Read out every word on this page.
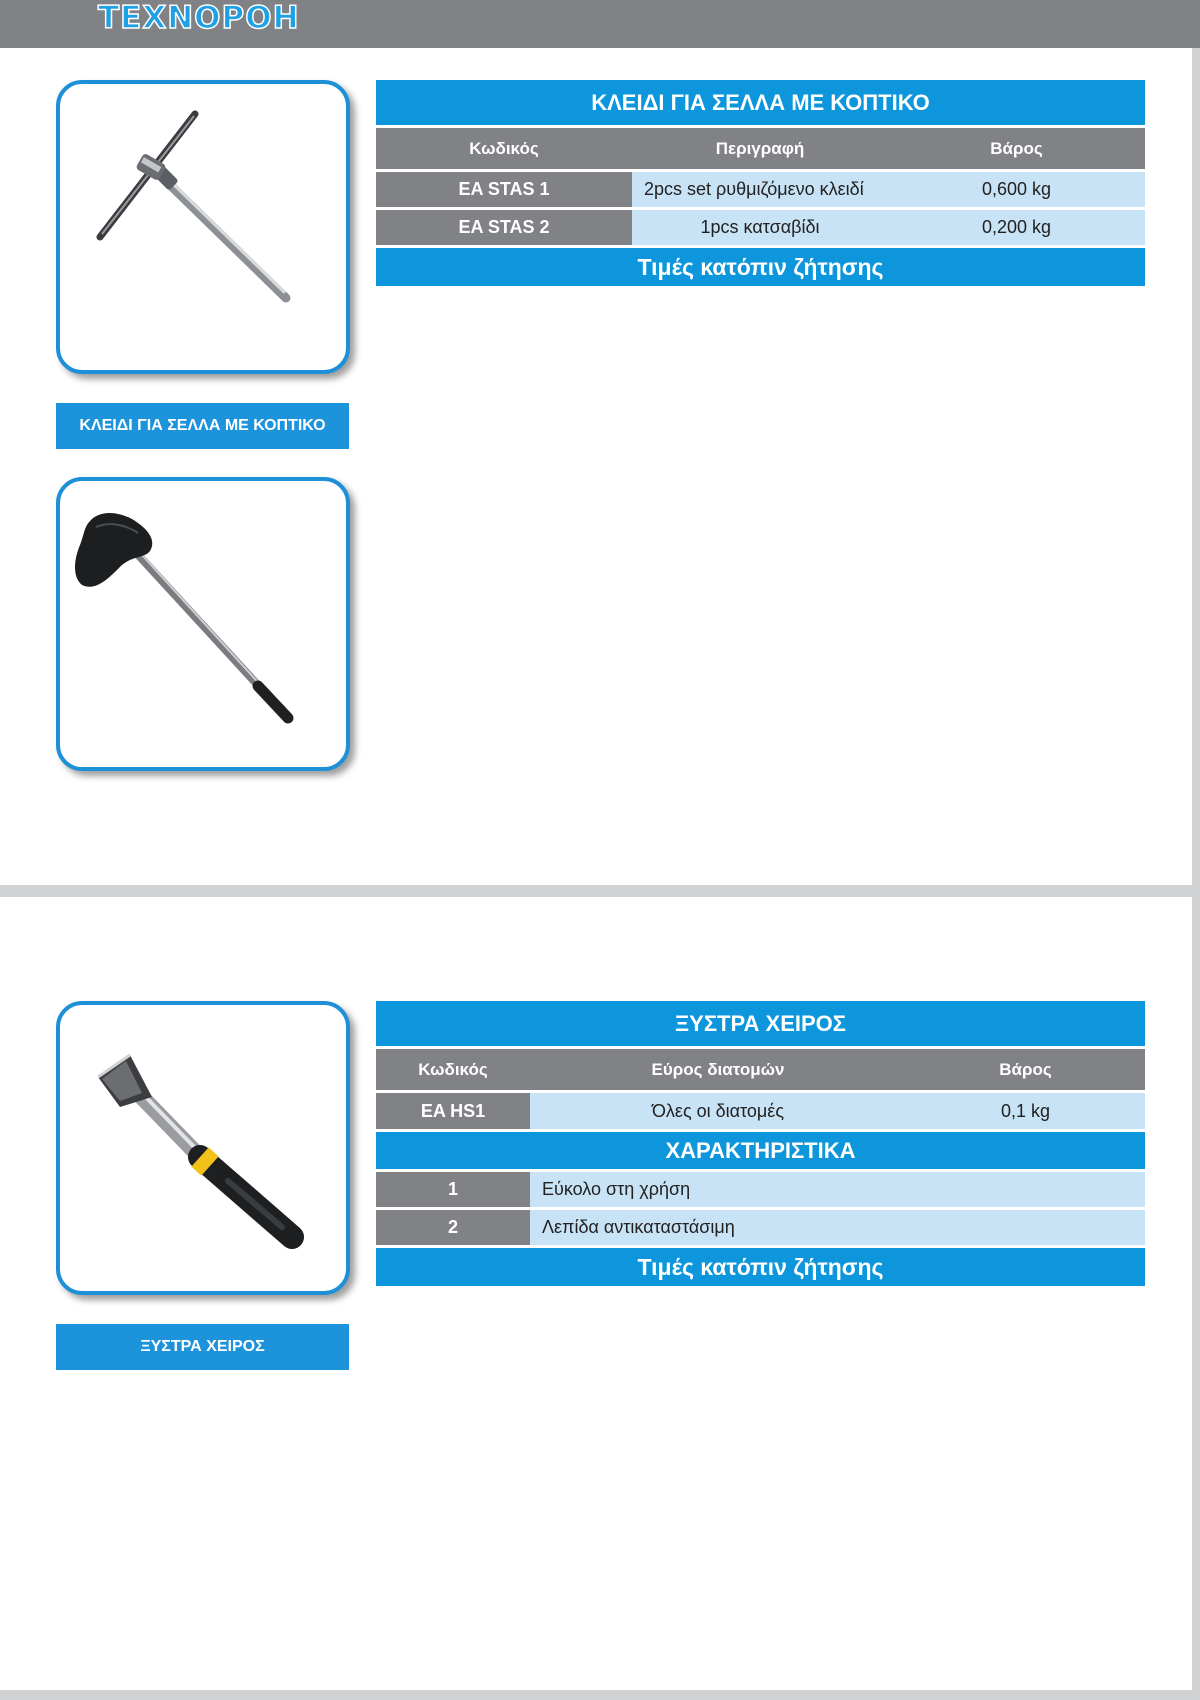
ΤΕΧΝΟΡΟΗ
ΚΛΕΙΔΙ ΓΙΑ ΣΕΛΛΑ ΜΕ ΚΟΠΤΙΚΟ
ΚΛΕΙΔΙ ΓΙΑ ΣΕΛΛΑ ΜΕ ΚΟΠΤΙΚΟ
Κωδικός	Περιγραφή	Βάρος
EA STAS 1	2pcs set ρυθμιζόμενο κλειδί	0,600 kg
EA STAS 2	1pcs κατσαβίδι	0,200 kg
Τιμές κατόπιν ζήτησης
ΞΥΣΤΡΑ ΧΕΙΡΟΣ
ΞΥΣΤΡΑ ΧΕΙΡΟΣ
Κωδικός	Εύρος διατομών	Βάρος
EA HS1	Όλες οι διατομές	0,1 kg
ΧΑΡΑΚΤΗΡΙΣΤΙΚΑ
1	Εύκολο στη χρήση
2	Λεπίδα αντικαταστάσιμη
Τιμές κατόπιν ζήτησης
